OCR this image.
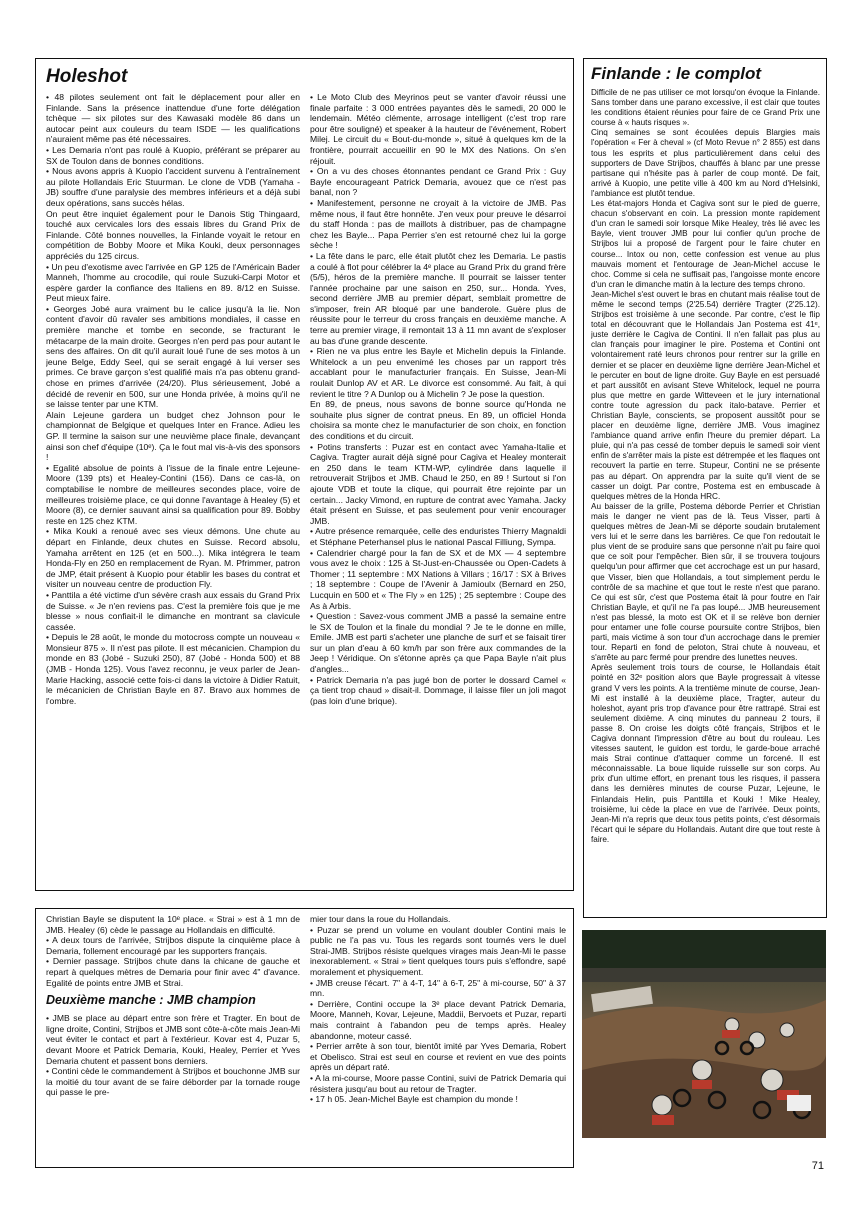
Holeshot

• 48 pilotes seulement ont fait le déplacement pour aller en Finlande. Sans la présence inattendue d'une forte délégation tchèque — six pilotes sur des Kawasaki modèle 86 dans un autocar peint aux couleurs du team ISDE — les qualifications n'auraient même pas été nécessaires.

• Les Demaria n'ont pas roulé à Kuopio, préférant se préparer au SX de Toulon dans de bonnes conditions.

• Nous avons appris à Kuopio l'accident survenu à l'entraînement au pilote Hollandais Eric Stuurman. Le clone de VDB (Yamaha - JB) souffre d'une paralysie des membres inférieurs et a déjà subi deux opérations, sans succès hélas.

On peut être inquiet également pour le Danois Stig Thingaard, touché aux cervicales lors des essais libres du Grand Prix de Finlande. Côté bonnes nouvelles, la Finlande voyait le retour en compétition de Bobby Moore et Mika Kouki, deux personnages appréciés du 125 circus.

• Un peu d'exotisme avec l'arrivée en GP 125 de l'Américain Bader Manneh, l'homme au crocodile, qui roule Suzuki-Carpi Motor et espère garder la confiance des Italiens en 89. 8/12 en Suisse. Peut mieux faire.

• Georges Jobé aura vraiment bu le calice jusqu'à la lie. Non content d'avoir dû ravaler ses ambitions mondiales, il casse en première manche et tombe en seconde, se fracturant le métacarpe de la main droite. Georges n'en perd pas pour autant le sens des affaires. On dit qu'il aurait loué l'une de ses motos à un jeune Belge, Eddy Seel, qui se serait engagé à lui verser ses primes. Ce brave garçon s'est qualifié mais n'a pas obtenu grand-chose en primes d'arrivée (24/20). Plus sérieusement, Jobé a décidé de revenir en 500, sur une Honda privée, à moins qu'il ne se laisse tenter par une KTM.

Alain Lejeune gardera un budget chez Johnson pour le championnat de Belgique et quelques Inter en France. Adieu les GP. Il termine la saison sur une neuvième place finale, devançant ainsi son chef d'équipe (10ᵉ). Ça le fout mal vis-à-vis des sponsors !

• Egalité absolue de points à l'issue de la finale entre Lejeune-Moore (139 pts) et Healey-Contini (156). Dans ce cas-là, on comptabilise le nombre de meilleures secondes place, voire de meilleures troisième place, ce qui donne l'avantage à Healey (5) et Moore (8), ce dernier sauvant ainsi sa qualification pour 89. Bobby reste en 125 chez KTM.

• Mika Kouki a renoué avec ses vieux démons. Une chute au départ en Finlande, deux chutes en Suisse. Record absolu, Yamaha arrêtent en 125 (et en 500...). Mika intégrera le team Honda-Fly en 250 en remplacement de Ryan. M. Pfrimmer, patron de JMP, était présent à Kuopio pour établir les bases du contrat et visiter un nouveau centre de production Fly.

• Panttila a été victime d'un sévère crash aux essais du Grand Prix de Suisse. « Je n'en reviens pas. C'est la première fois que je me blesse » nous confiait-il le dimanche en montrant sa clavicule cassée.

• Depuis le 28 août, le monde du motocross compte un nouveau « Monsieur 875 ». Il n'est pas pilote. Il est mécanicien. Champion du monde en 83 (Jobé - Suzuki 250), 87 (Jobé - Honda 500) et 88 (JMB - Honda 125). Vous l'avez reconnu, je veux parler de Jean-Marie Hacking, associé cette fois-ci dans la victoire à Didier Ratuit, le mécanicien de Christian Bayle en 87. Bravo aux hommes de l'ombre.

• Le Moto Club des Meyrinos peut se vanter d'avoir réussi une finale parfaite : 3 000 entrées payantes dès le samedi, 20 000 le lendemain. Météo clémente, arrosage intelligent (c'est trop rare pour être souligné) et speaker à la hauteur de l'événement, Robert Milej. Le circuit du « Bout-du-monde », situé à quelques km de la frontière, pourrait accueillir en 90 le MX des Nations. On s'en réjouit.

• On a vu des choses étonnantes pendant ce Grand Prix : Guy Bayle encourageant Patrick Demaria, avouez que ce n'est pas banal, non ?

• Manifestement, personne ne croyait à la victoire de JMB. Pas même nous, il faut être honnête. J'en veux pour preuve le désarroi du staff Honda : pas de maillots à distribuer, pas de champagne chez les Bayle... Papa Perrier s'en est retourné chez lui la gorge sèche !

• La fête dans le parc, elle était plutôt chez les Demaria. Le pastis a coulé à flot pour célébrer la 4ᵉ place au Grand Prix du grand frère (5/5), héros de la première manche. Il pourrait se laisser tenter l'année prochaine par une saison en 250, sur... Honda. Yves, second derrière JMB au premier départ, semblait promettre de s'imposer, frein AR bloqué par une banderole. Guère plus de réussite pour le terreur du cross français en deuxième manche. A terre au premier virage, il remontait 13 à 11 mn avant de s'exploser au bas d'une grande descente.

• Rien ne va plus entre les Bayle et Michelin depuis la Finlande. Whitelock a un peu envenimé les choses par un rapport très accablant pour le manufacturier français. En Suisse, Jean-Mi roulait Dunlop AV et AR. Le divorce est consommé. Au fait, à qui revient le titre ? A Dunlop ou à Michelin ? Je pose la question.

En 89, de pneus, nous savons de bonne source qu'Honda ne souhaite plus signer de contrat pneus. En 89, un officiel Honda choisira sa monte chez le manufacturier de son choix, en fonction des conditions et du circuit.

• Potins transferts : Puzar est en contact avec Yamaha-Italie et Cagiva. Tragter aurait déjà signé pour Cagiva et Healey monterait en 250 dans le team KTM-WP, cylindrée dans laquelle il retrouverait Strijbos et JMB. Chaud le 250, en 89 ! Surtout si l'on ajoute VDB et toute la clique, qui pourrait être rejointe par un certain... Jacky Vimond, en rupture de contrat avec Yamaha. Jacky était présent en Suisse, et pas seulement pour venir encourager JMB.

• Autre présence remarquée, celle des enduristes Thierry Magnaldi et Stéphane Peterhansel plus le national Pascal Filliung, Sympa.

• Calendrier chargé pour la fan de SX et de MX — 4 septembre vous avez le choix : 125 à St-Just-en-Chaussée ou Open-Cadets à Thomer ; 11 septembre : MX Nations à Villars ; 16/17 : SX à Brives ; 18 septembre : Coupe de l'Avenir à Jamioulx (Bernard en 250, Lucquin en 500 et « The Fly » en 125) ; 25 septembre : Coupe des As à Arbis.

• Question : Savez-vous comment JMB a passé la semaine entre le SX de Toulon et la finale du mondial ? Je te le donne en mille, Emile. JMB est parti s'acheter une planche de surf et se faisait tirer sur un plan d'eau à 60 km/h par son frère aux commandes de la Jeep ! Véridique. On s'étonne après ça que Papa Bayle n'ait plus d'angles...

• Patrick Demaria n'a pas jugé bon de porter le dossard Camel « ça tient trop chaud » disait-il. Dommage, il laisse filer un joli magot (pas loin d'une brique).

Finlande : le complot

Difficile de ne pas utiliser ce mot lorsqu'on évoque la Finlande. Sans tomber dans une parano excessive, il est clair que toutes les conditions étaient réunies pour faire de ce Grand Prix une course à « hauts risques ».

Cinq semaines se sont écoulées depuis Blargies mais l'opération « Fer à cheval » (cf Moto Revue n° 2 855) est dans tous les esprits et plus particulièrement dans celui des supporters de Dave Strijbos, chauffés à blanc par une presse partisane qui n'hésite pas à parler de coup monté. De fait, arrivé à Kuopio, une petite ville à 400 km au Nord d'Helsinki, l'ambiance est plutôt tendue.

Les état-majors Honda et Cagiva sont sur le pied de guerre, chacun s'observant en coin. La pression monte rapidement d'un cran le samedi soir lorsque Mike Healey, très lié avec les Bayle, vient trouver JMB pour lui confier qu'un proche de Strijbos lui a proposé de l'argent pour le faire chuter en course... Intox ou non, cette confession est venue au plus mauvais moment et l'entourage de Jean-Michel accuse le choc. Comme si cela ne suffisait pas, l'angoisse monte encore d'un cran le dimanche matin à la lecture des temps chrono.

Jean-Michel s'est ouvert le bras en chutant mais réalise tout de même le second temps (2'25.54) derrière Tragter (2'25.12). Strijbos est troisième à une seconde. Par contre, c'est le flip total en découvrant que le Hollandais Jan Postema est 41ᵉ, juste derrière le Cagiva de Contini. Il n'en fallait pas plus au clan français pour imaginer le pire. Postema et Contini ont volontairement raté leurs chronos pour rentrer sur la grille en dernier et se placer en deuxième ligne derrière Jean-Michel et le percuter en bout de ligne droite. Guy Bayle en est persuadé et part aussitôt en avisant Steve Whitelock, lequel ne pourra plus que mettre en garde Witteveen et le jury international contre toute agression du pack italo-batave. Perrier et Christian Bayle, conscients, se proposent aussitôt pour se placer en deuxième ligne, derrière JMB. Vous imaginez l'ambiance quand arrive enfin l'heure du premier départ. La pluie, qui n'a pas cessé de tomber depuis le samedi soir vient enfin de s'arrêter mais la piste est détrempée et les flaques ont recouvert la partie en terre. Stupeur, Contini ne se présente pas au départ. On apprendra par la suite qu'il vient de se casser un doigt. Par contre, Postema est en embuscade à quelques mètres de la Honda HRC.

Au baisser de la grille, Postema déborde Perrier et Christian mais le danger ne vient pas de là. Teus Visser, parti à quelques mètres de Jean-Mi se déporte soudain brutalement vers lui et le serre dans les barrières. Ce que l'on redoutait le plus vient de se produire sans que personne n'ait pu faire quoi que ce soit pour l'empêcher. Bien sûr, il se trouvera toujours quelqu'un pour affirmer que cet accrochage est un pur hasard, que Visser, bien que Hollandais, a tout simplement perdu le contrôle de sa machine et que tout le reste n'est que parano. Ce qui est sûr, c'est que Postema était là pour foutre en l'air Christian Bayle, et qu'il ne l'a pas loupé... JMB heureusement n'est pas blessé, la moto est OK et il se relève bon dernier pour entamer une folle course poursuite contre Strijbos, bien parti, mais victime à son tour d'un accrochage dans le premier tour. Reparti en fond de peloton, Strai chute à nouveau, et s'arrête au parc fermé pour prendre des lunettes neuves.

Après seulement trois tours de course, le Hollandais était pointé en 32ᵉ position alors que Bayle progressait à vitesse grand V vers les points. A la trentième minute de course, Jean-Mi est installé à la deuxième place, Tragter, auteur du holeshot, ayant pris trop d'avance pour être rattrapé. Strai est seulement dixième. A cinq minutes du panneau 2 tours, il passe 8. On croise les doigts côté français, Strijbos et le Cagiva donnant l'impression d'être au bout du rouleau. Les vitesses sautent, le guidon est tordu, le garde-boue arraché mais Strai continue d'attaquer comme un forcené. Il est méconnaissable. La boue liquide ruisselle sur son corps. Au prix d'un ultime effort, en prenant tous les risques, il passera dans les dernières minutes de course Puzar, Lejeune, le Finlandais Helin, puis Panttilla et Kouki ! Mike Healey, troisième, lui cède la place en vue de l'arrivée. Deux points, Jean-Mi n'a repris que deux tous petits points, c'est désormais l'écart qui le sépare du Hollandais. Autant dire que tout reste à faire.

Christian Bayle se disputent la 10ᵉ place. « Strai » est à 1 mn de JMB. Healey (6) cède le passage au Hollandais en difficulté.

• A deux tours de l'arrivée, Strijbos dispute la cinquième place à Demaria, follement encouragé par les supporters français.

• Dernier passage. Strijbos chute dans la chicane de gauche et repart à quelques mètres de Demaria pour finir avec 4" d'avance. Egalité de points entre JMB et Strai.

Deuxième manche : JMB champion

• JMB se place au départ entre son frère et Tragter. En bout de ligne droite, Contini, Strijbos et JMB sont côte-à-côte mais Jean-Mi veut éviter le contact et part à l'extérieur. Kovar est 4, Puzar 5, devant Moore et Patrick Demaria, Kouki, Healey, Perrier et Yves Demaria chutent et passent bons derniers.

• Contini cède le commandement à Strijbos et bouchonne JMB sur la moitié du tour avant de se faire déborder par la tornade rouge qui passe le pre-

mier tour dans la roue du Hollandais.

• Puzar se prend un volume en voulant doubler Contini mais le public ne l'a pas vu. Tous les regards sont tournés vers le duel Strai-JMB. Strijbos résiste quelques virages mais Jean-Mi le passe inexorablement. « Strai » tient quelques tours puis s'effondre, sapé moralement et physiquement.

• JMB creuse l'écart. 7" à 4-T, 14" à 6-T, 25" à mi-course, 50" à 37 mn.

• Derrière, Contini occupe la 3ᵉ place devant Patrick Demaria, Moore, Manneh, Kovar, Lejeune, Maddii, Bervoets et Puzar, reparti mais contraint à l'abandon peu de temps après. Healey abandonne, moteur cassé.

• Perrier arrête à son tour, bientôt imité par Yves Demaria, Robert et Obelisco. Strai est seul en course et revient en vue des points après un départ raté.

• A la mi-course, Moore passe Contini, suivi de Patrick Demaria qui résistera jusqu'au bout au retour de Tragter.

• 17 h 05. Jean-Michel Bayle est champion du monde !

71
